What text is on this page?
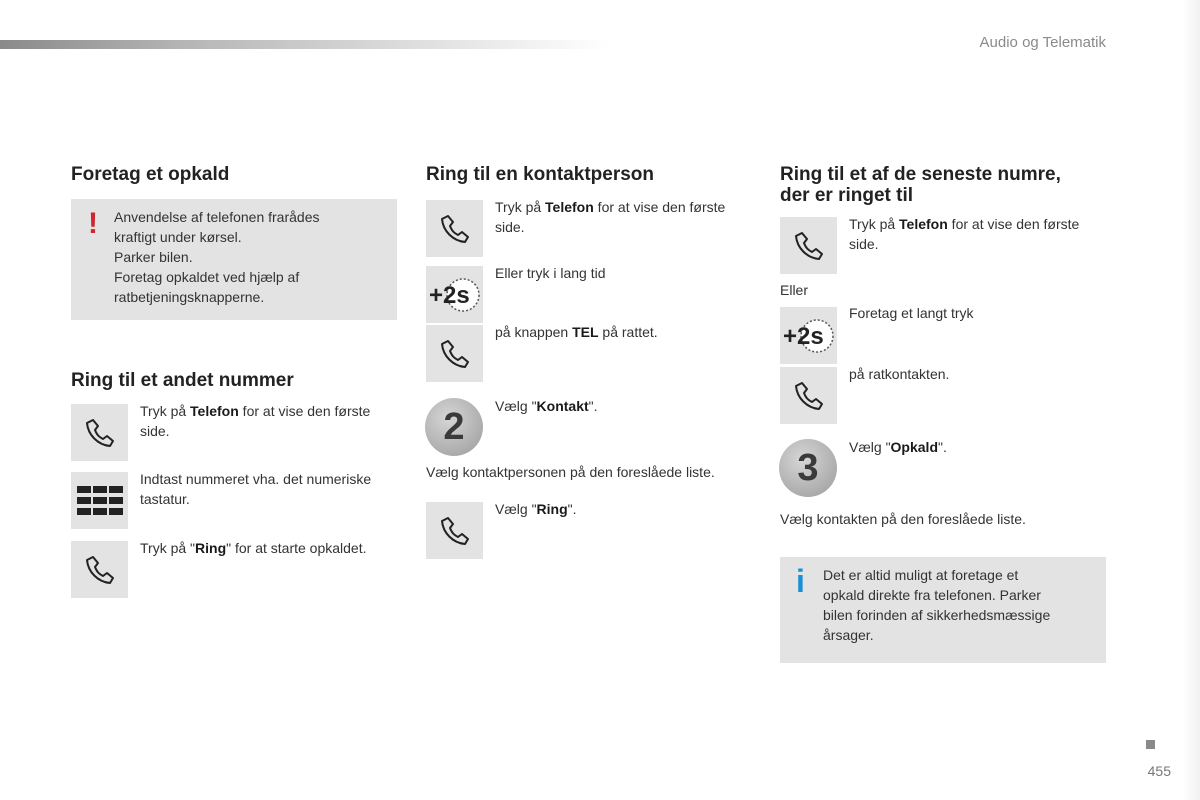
Audio og Telematik
Foretag et opkald
! Anvendelse af telefonen frarådes
kraftigt under kørsel.
Parker bilen.
Foretag opkaldet ved hjælp af
ratbetjeningsknapperne.
Ring til et andet nummer
Tryk på Telefon for at vise den første side.
Indtast nummeret vha. det numeriske tastatur.
Tryk på "Ring" for at starte opkaldet.
Ring til en kontaktperson
Tryk på Telefon for at vise den første side.
+2s
Eller tryk i lang tid
på knappen TEL på rattet.
2	Vælg "Kontakt".
Vælg kontaktpersonen på den foreslåede liste.
Vælg "Ring".
Ring til et af de seneste numre,
der er ringet til
Tryk på Telefon for at vise den første side.
Eller
+2s
Foretag et langt tryk
på ratkontakten.
3	Vælg "Opkald".
Vælg kontakten på den foreslåede liste.
i Det er altid muligt at foretage et
opkald direkte fra telefonen. Parker
bilen forinden af sikkerhedsmæssige
årsager.
455
